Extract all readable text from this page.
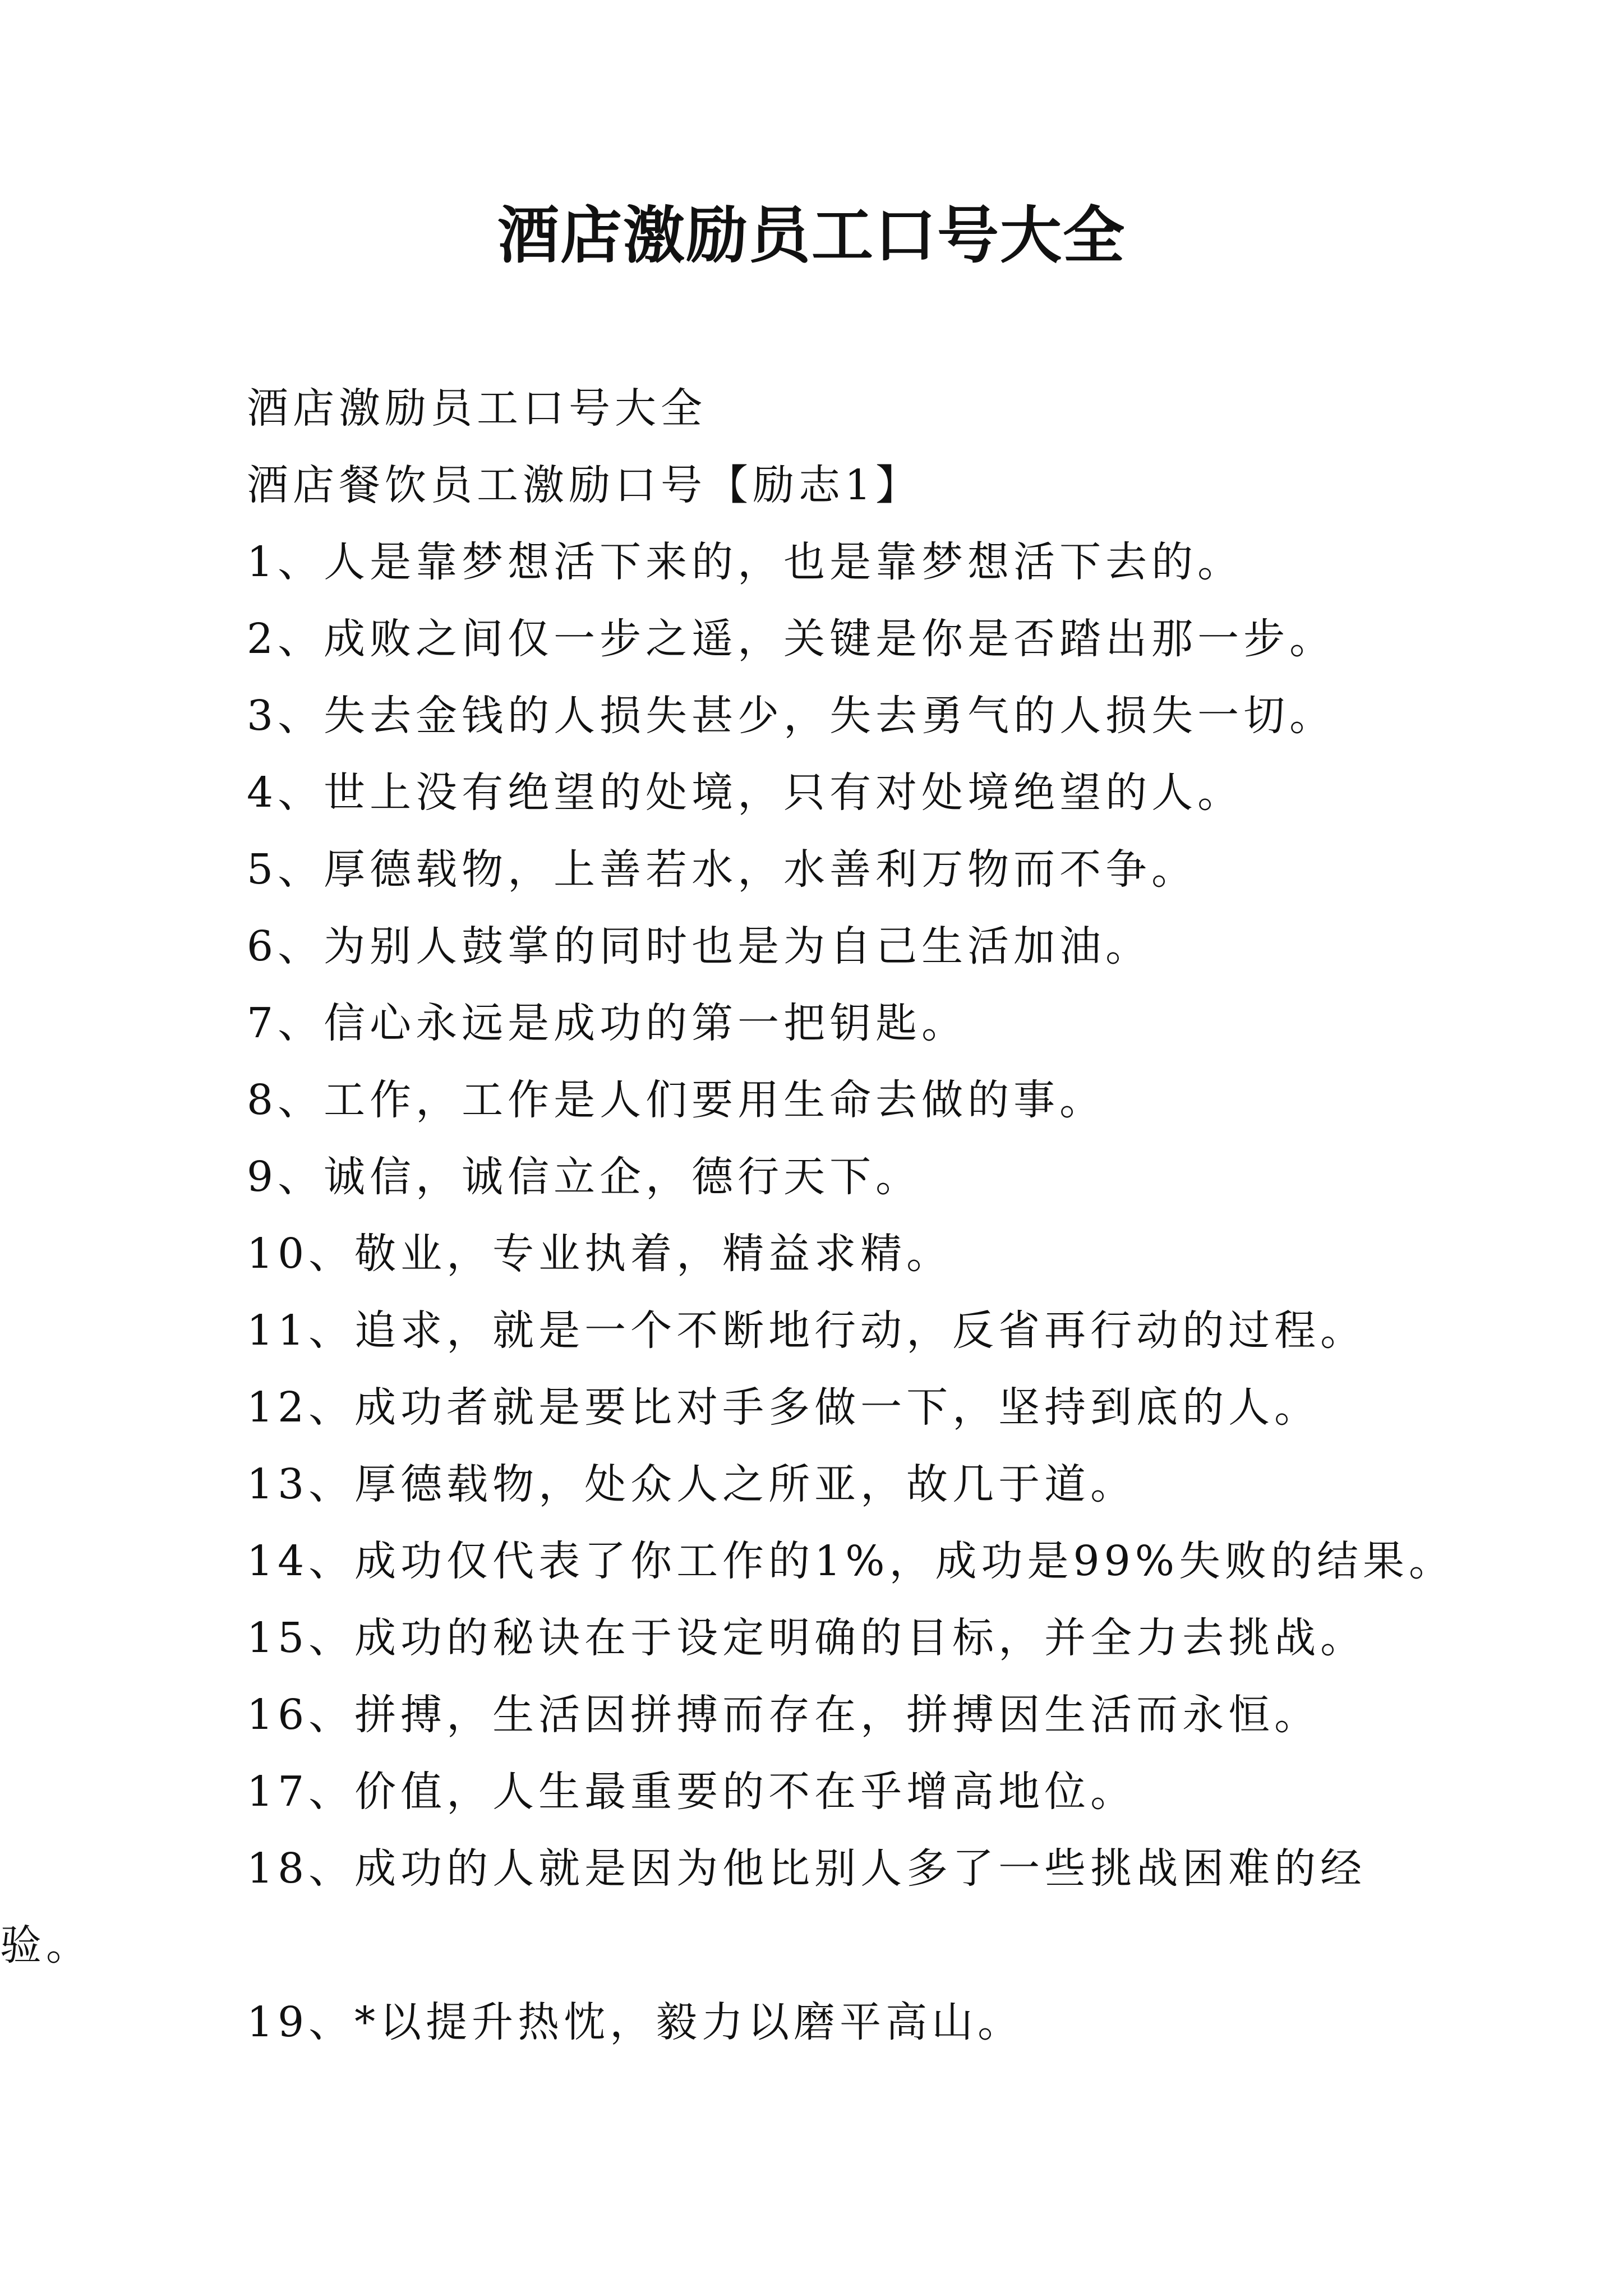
酒店激励员工口号大全
酒店激励员工口号大全
酒店餐饮员工激励口号【励志1】
1、人是靠梦想活下来的，也是靠梦想活下去的。
2、成败之间仅一步之遥，关键是你是否踏出那一步。
3、失去金钱的人损失甚少，失去勇气的人损失一切。
4、世上没有绝望的处境，只有对处境绝望的人。
5、厚德载物，上善若水，水善利万物而不争。
6、为别人鼓掌的同时也是为自己生活加油。
7、信心永远是成功的第一把钥匙。
8、工作，工作是人们要用生命去做的事。
9、诚信，诚信立企，德行天下。
10、敬业，专业执着，精益求精。
11、追求，就是一个不断地行动，反省再行动的过程。
12、成功者就是要比对手多做一下，坚持到底的人。
13、厚德载物，处众人之所亚，故几于道。
14、成功仅代表了你工作的1%，成功是99%失败的结果。
15、成功的秘诀在于设定明确的目标，并全力去挑战。
16、拼搏，生活因拼搏而存在，拼搏因生活而永恒。
17、价值，人生最重要的不在乎增高地位。
18、成功的人就是因为他比别人多了一些挑战困难的经
验。
19、*以提升热忱，毅力以磨平高山。
